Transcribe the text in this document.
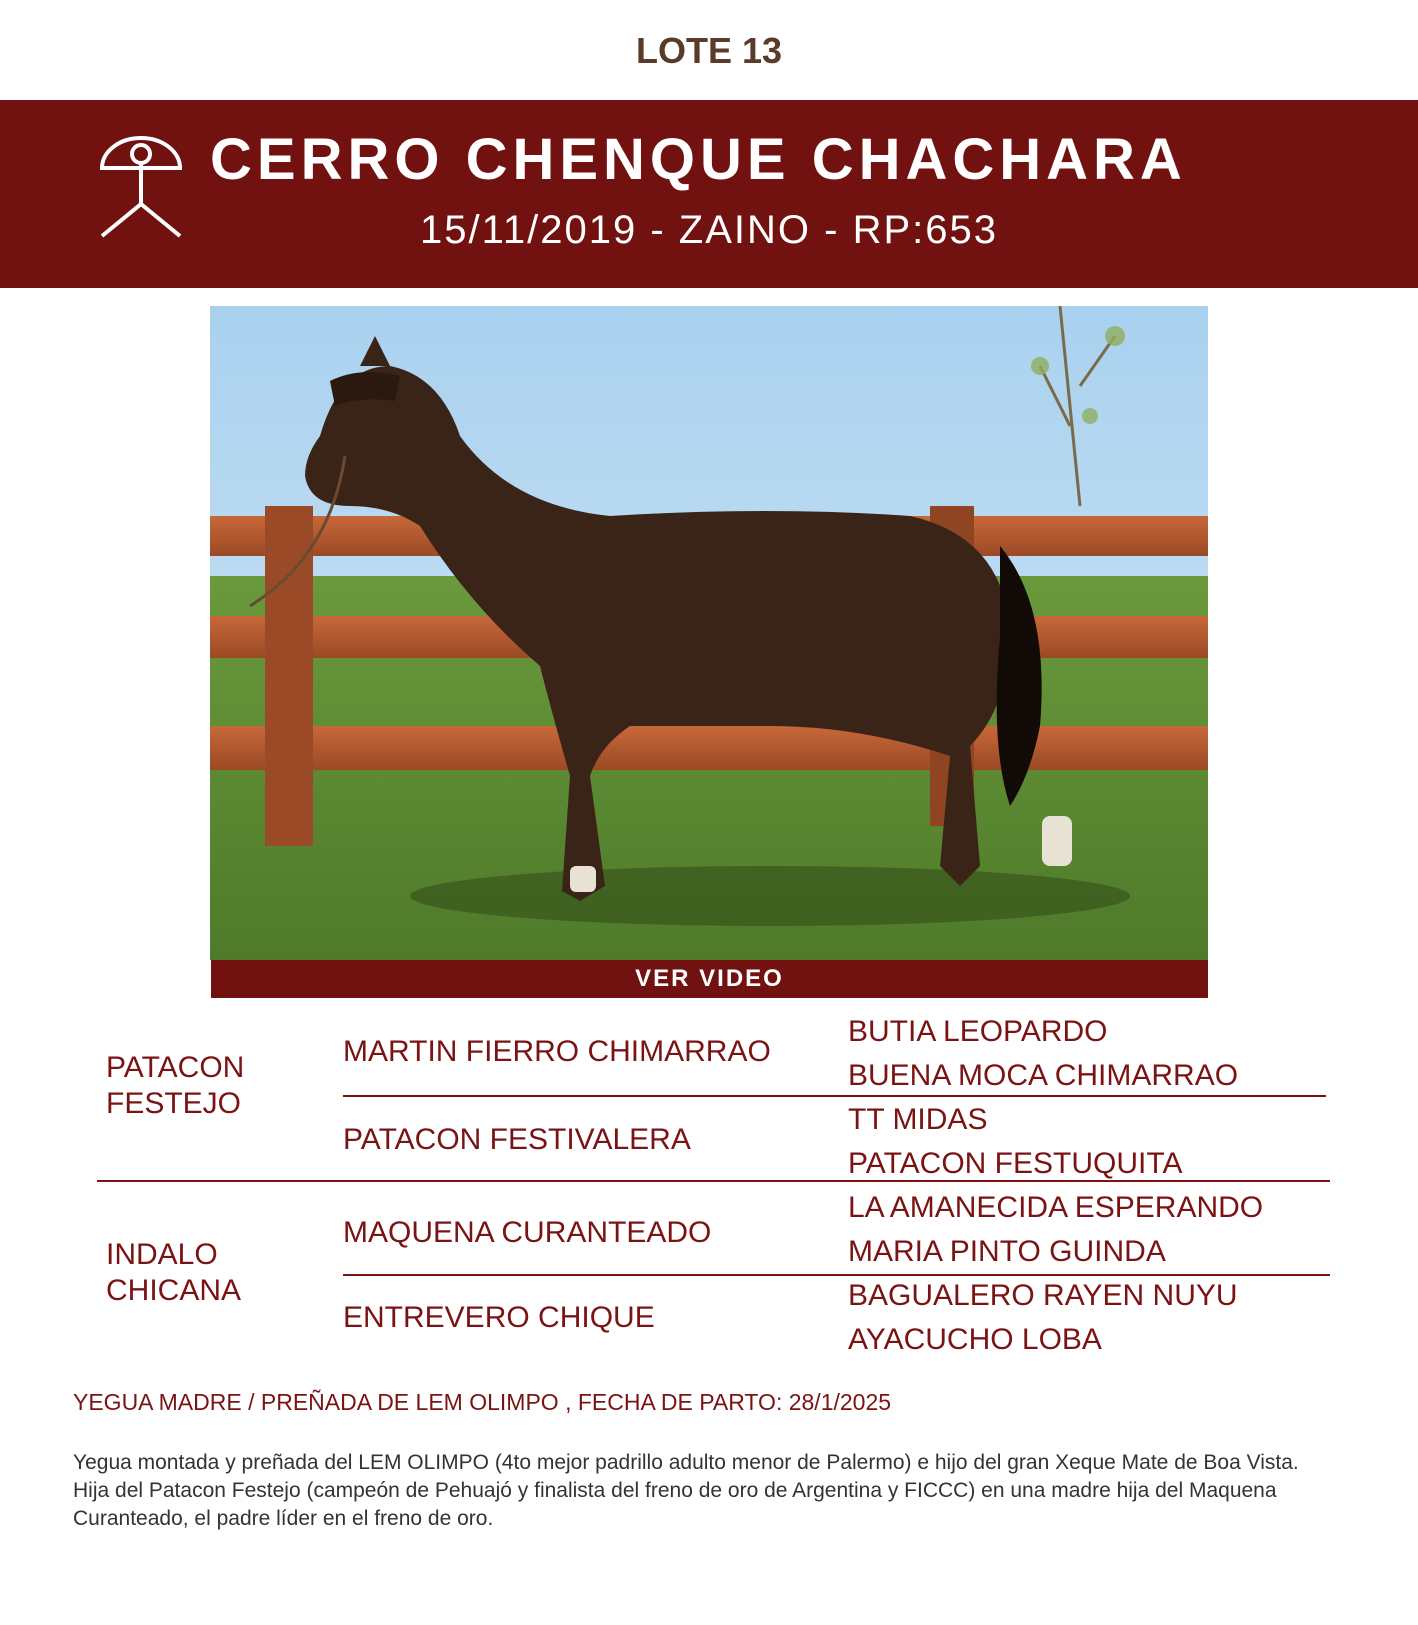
LOTE 13
CERRO CHENQUE CHACHARA
15/11/2019 - ZAINO - RP:653
VER VIDEO
PATACON
FESTEJO
INDALO
CHICANA
MARTIN FIERRO CHIMARRAO
PATACON FESTIVALERA
MAQUENA CURANTEADO
ENTREVERO CHIQUE
BUTIA LEOPARDO
BUENA MOCA CHIMARRAO
TT MIDAS
PATACON FESTUQUITA
LA AMANECIDA ESPERANDO
MARIA PINTO GUINDA
BAGUALERO RAYEN NUYU
AYACUCHO LOBA
YEGUA MADRE / PREÑADA DE LEM OLIMPO , FECHA DE PARTO: 28/1/2025
Yegua montada y preñada del LEM OLIMPO (4to mejor padrillo adulto menor de Palermo) e hijo del gran Xeque Mate de Boa Vista.
Hija del Patacon Festejo (campeón de Pehuajó y finalista del freno de oro de Argentina y FICCC) en una madre hija del Maquena Curanteado, el padre líder en el freno de oro.
